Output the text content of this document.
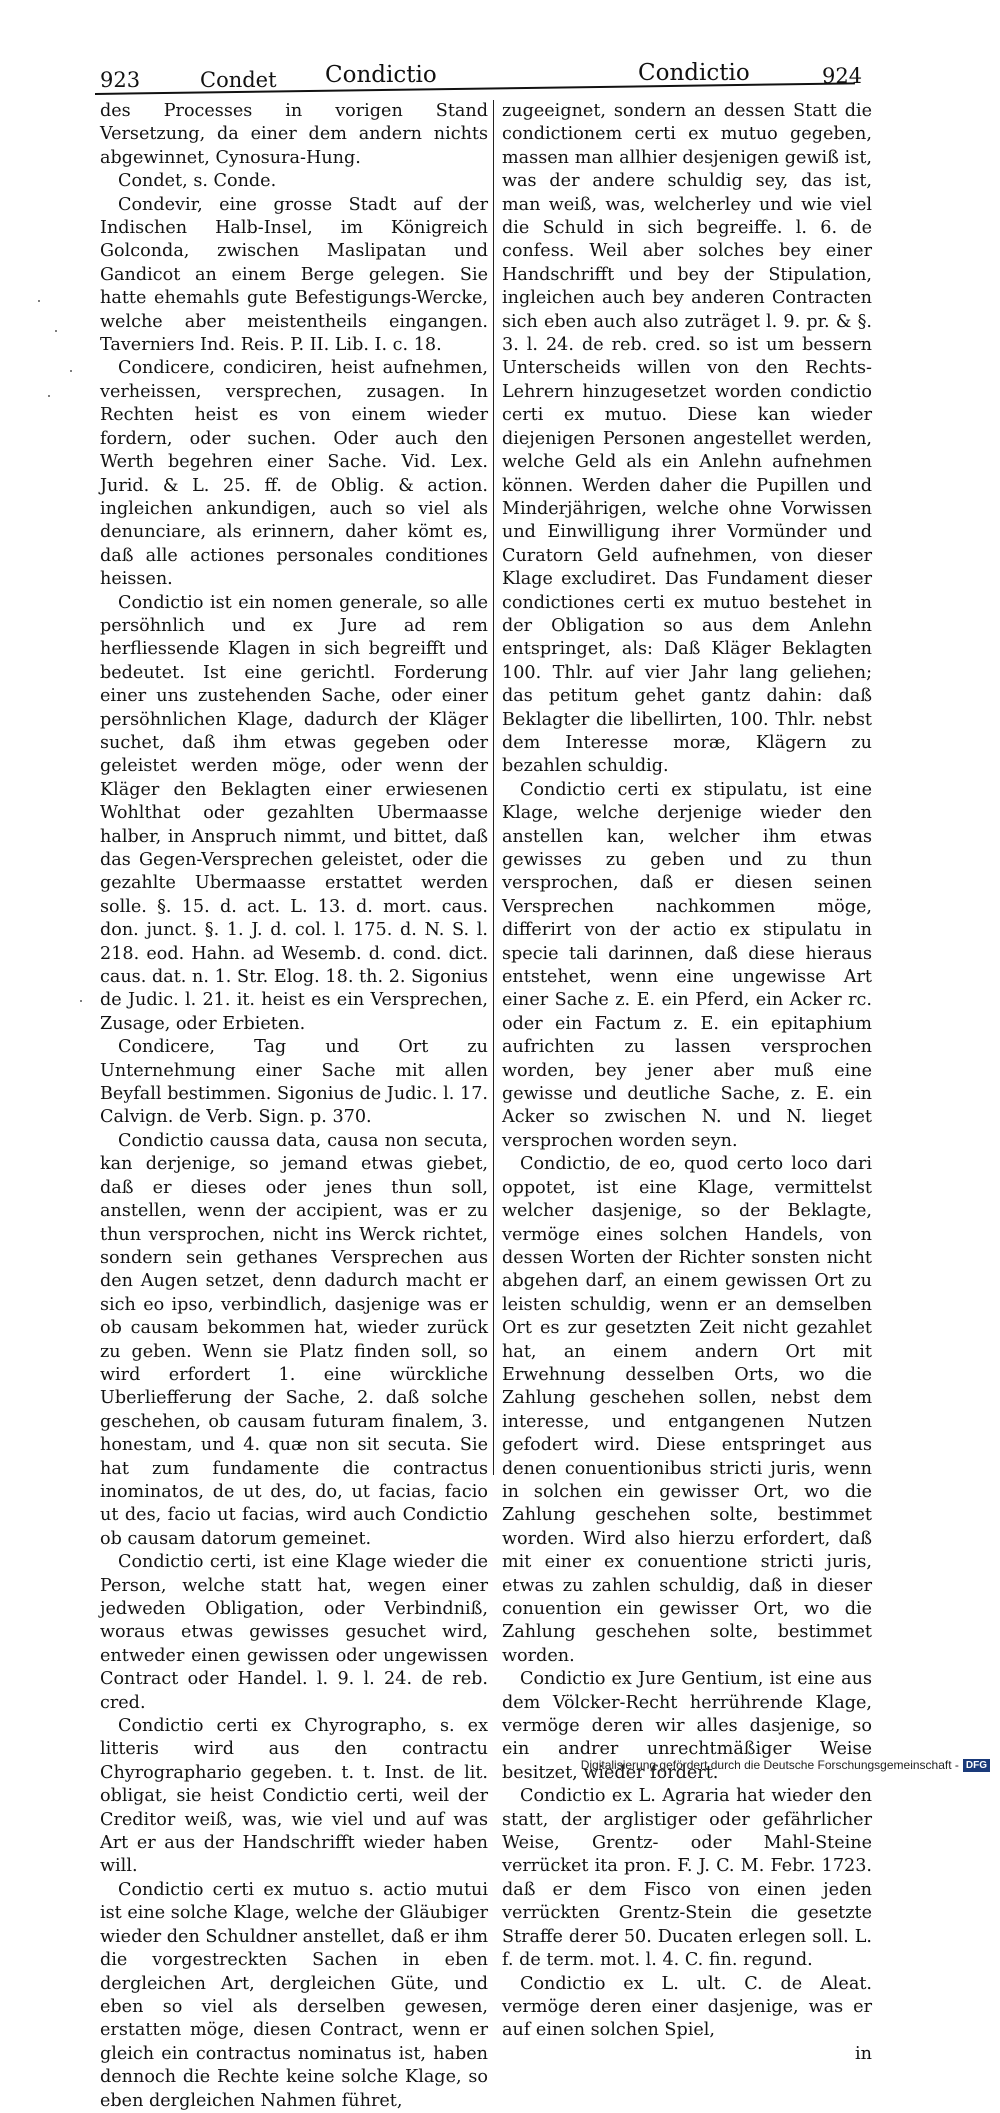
923	Condet Condictio	Condictio	924

des Processes in vorigen Stand Versetzung, da einer dem andern nichts abgewinnet, Cynosura-Hung.

Condet, s. Conde.

Condevir, eine grosse Stadt auf der Indischen Halb-Insel, im Königreich Golconda, zwischen Maslipatan und Gandicot an einem Berge gelegen. Sie hatte ehemahls gute Befestigungs-Wercke, welche aber meistentheils eingangen. Taverniers Ind. Reis. P. II. Lib. I. c. 18.

Condicere, condiciren, heist aufnehmen, verheissen, versprechen, zusagen. In Rechten heist es von einem wieder fordern, oder suchen. Oder auch den Werth begehren einer Sache. Vid. Lex. Jurid. & L. 25. ff. de Oblig. & action. ingleichen ankundigen, auch so viel als denunciare, als erinnern, daher kömt es, daß alle actiones personales conditiones heissen.

Condictio ist ein nomen generale, so alle persöhnlich und ex Jure ad rem herfliessende Klagen in sich begreifft und bedeutet. Ist eine gerichtl. Forderung einer uns zustehenden Sache, oder einer persöhnlichen Klage, dadurch der Kläger suchet, daß ihm etwas gegeben oder geleistet werden möge, oder wenn der Kläger den Beklagten einer erwiesenen Wohlthat oder gezahlten Ubermaasse halber, in Anspruch nimmt, und bittet, daß das Gegen-Versprechen geleistet, oder die gezahlte Ubermaasse erstattet werden solle. §. 15. d. act. L. 13. d. mort. caus. don. junct. §. 1. J. d. col. l. 175. d. N. S. l. 218. eod. Hahn. ad Wesemb. d. cond. dict. caus. dat. n. 1. Str. Elog. 18. th. 2. Sigonius de Judic. l. 21. it. heist es ein Versprechen, Zusage, oder Erbieten.

Condicere, Tag und Ort zu Unternehmung einer Sache mit allen Beyfall bestimmen. Sigonius de Judic. l. 17. Calvign. de Verb. Sign. p. 370.

Condictio caussa data, causa non secuta, kan derjenige, so jemand etwas giebet, daß er dieses oder jenes thun soll, anstellen, wenn der accipient, was er zu thun versprochen, nicht ins Werck richtet, sondern sein gethanes Versprechen aus den Augen setzet, denn dadurch macht er sich eo ipso, verbindlich, dasjenige was er ob causam bekommen hat, wieder zurück zu geben. Wenn sie Platz finden soll, so wird erfordert 1. eine würckliche Uberliefferung der Sache, 2. daß solche geschehen, ob causam futuram finalem, 3. honestam, und 4. quæ non sit secuta. Sie hat zum fundamente die contractus inominatos, de ut des, do, ut facias, facio ut des, facio ut facias, wird auch Condictio ob causam datorum gemeinet.

Condictio certi, ist eine Klage wieder die Person, welche statt hat, wegen einer jedweden Obligation, oder Verbindniß, woraus etwas gewisses gesuchet wird, entweder einen gewissen oder ungewissen Contract oder Handel. l. 9. l. 24. de reb. cred.

Condictio certi ex Chyrographo, s. ex litteris wird aus den contractu Chyrographario gegeben. t. t. Inst. de lit. obligat, sie heist Condictio certi, weil der Creditor weiß, was, wie viel und auf was Art er aus der Handschrifft wieder haben will.

Condictio certi ex mutuo s. actio mutui ist eine solche Klage, welche der Gläubiger wieder den Schuldner anstellet, daß er ihm die vorgestreckten Sachen in eben dergleichen Art, dergleichen Güte, und eben so viel als derselben gewesen, erstatten möge, diesen Contract, wenn er gleich ein contractus nominatus ist, haben dennoch die Rechte keine solche Klage, so eben dergleichen Nahmen führet,

zugeeignet, sondern an dessen Statt die condictionem certi ex mutuo gegeben, massen man allhier desjenigen gewiß ist, was der andere schuldig sey, das ist, man weiß, was, welcherley und wie viel die Schuld in sich begreiffe. l. 6. de confess. Weil aber solches bey einer Handschrifft und bey der Stipulation, ingleichen auch bey anderen Contracten sich eben auch also zuträget l. 9. pr. & §. 3. l. 24. de reb. cred. so ist um bessern Unterscheids willen von den Rechts-Lehrern hinzugesetzet worden condictio certi ex mutuo. Diese kan wieder diejenigen Personen angestellet werden, welche Geld als ein Anlehn aufnehmen können. Werden daher die Pupillen und Minderjährigen, welche ohne Vorwissen und Einwilligung ihrer Vormünder und Curatorn Geld aufnehmen, von dieser Klage excludiret. Das Fundament dieser condictiones certi ex mutuo bestehet in der Obligation so aus dem Anlehn entspringet, als: Daß Kläger Beklagten 100. Thlr. auf vier Jahr lang geliehen; das petitum gehet gantz dahin: daß Beklagter die libellirten, 100. Thlr. nebst dem Interesse moræ, Klägern zu bezahlen schuldig.

Condictio certi ex stipulatu, ist eine Klage, welche derjenige wieder den anstellen kan, welcher ihm etwas gewisses zu geben und zu thun versprochen, daß er diesen seinen Versprechen nachkommen möge, differirt von der actio ex stipulatu in specie tali darinnen, daß diese hieraus entstehet, wenn eine ungewisse Art einer Sache z. E. ein Pferd, ein Acker rc. oder ein Factum z. E. ein epitaphium aufrichten zu lassen versprochen worden, bey jener aber muß eine gewisse und deutliche Sache, z. E. ein Acker so zwischen N. und N. lieget versprochen worden seyn.

Condictio, de eo, quod certo loco dari oppotet, ist eine Klage, vermittelst welcher dasjenige, so der Beklagte, vermöge eines solchen Handels, von dessen Worten der Richter sonsten nicht abgehen darf, an einem gewissen Ort zu leisten schuldig, wenn er an demselben Ort es zur gesetzten Zeit nicht gezahlet hat, an einem andern Ort mit Erwehnung desselben Orts, wo die Zahlung geschehen sollen, nebst dem interesse, und entgangenen Nutzen gefodert wird. Diese entspringet aus denen conuentionibus stricti juris, wenn in solchen ein gewisser Ort, wo die Zahlung geschehen solte, bestimmet worden. Wird also hierzu erfordert, daß mit einer ex conuentione stricti juris, etwas zu zahlen schuldig, daß in dieser conuention ein gewisser Ort, wo die Zahlung geschehen solte, bestimmet worden.

Condictio ex Jure Gentium, ist eine aus dem Völcker-Recht herrührende Klage, vermöge deren wir alles dasjenige, so ein andrer unrechtmäßiger Weise besitzet, wieder fordert.

Condictio ex L. Agraria hat wieder den statt, der arglistiger oder gefährlicher Weise, Grentz- oder Mahl-Steine verrücket ita pron. F. J. C. M. Febr. 1723. daß er dem Fisco von einen jeden verrückten Grentz-Stein die gesetzte Straffe derer 50. Ducaten erlegen soll. L. f. de term. mot. l. 4. C. fin. regund.

Condictio ex L. ult. C. de Aleat. vermöge deren einer dasjenige, was er auf einen solchen Spiel,

in

Digitalisierung gefördert durch die Deutsche Forschungsgemeinschaft - DFG
